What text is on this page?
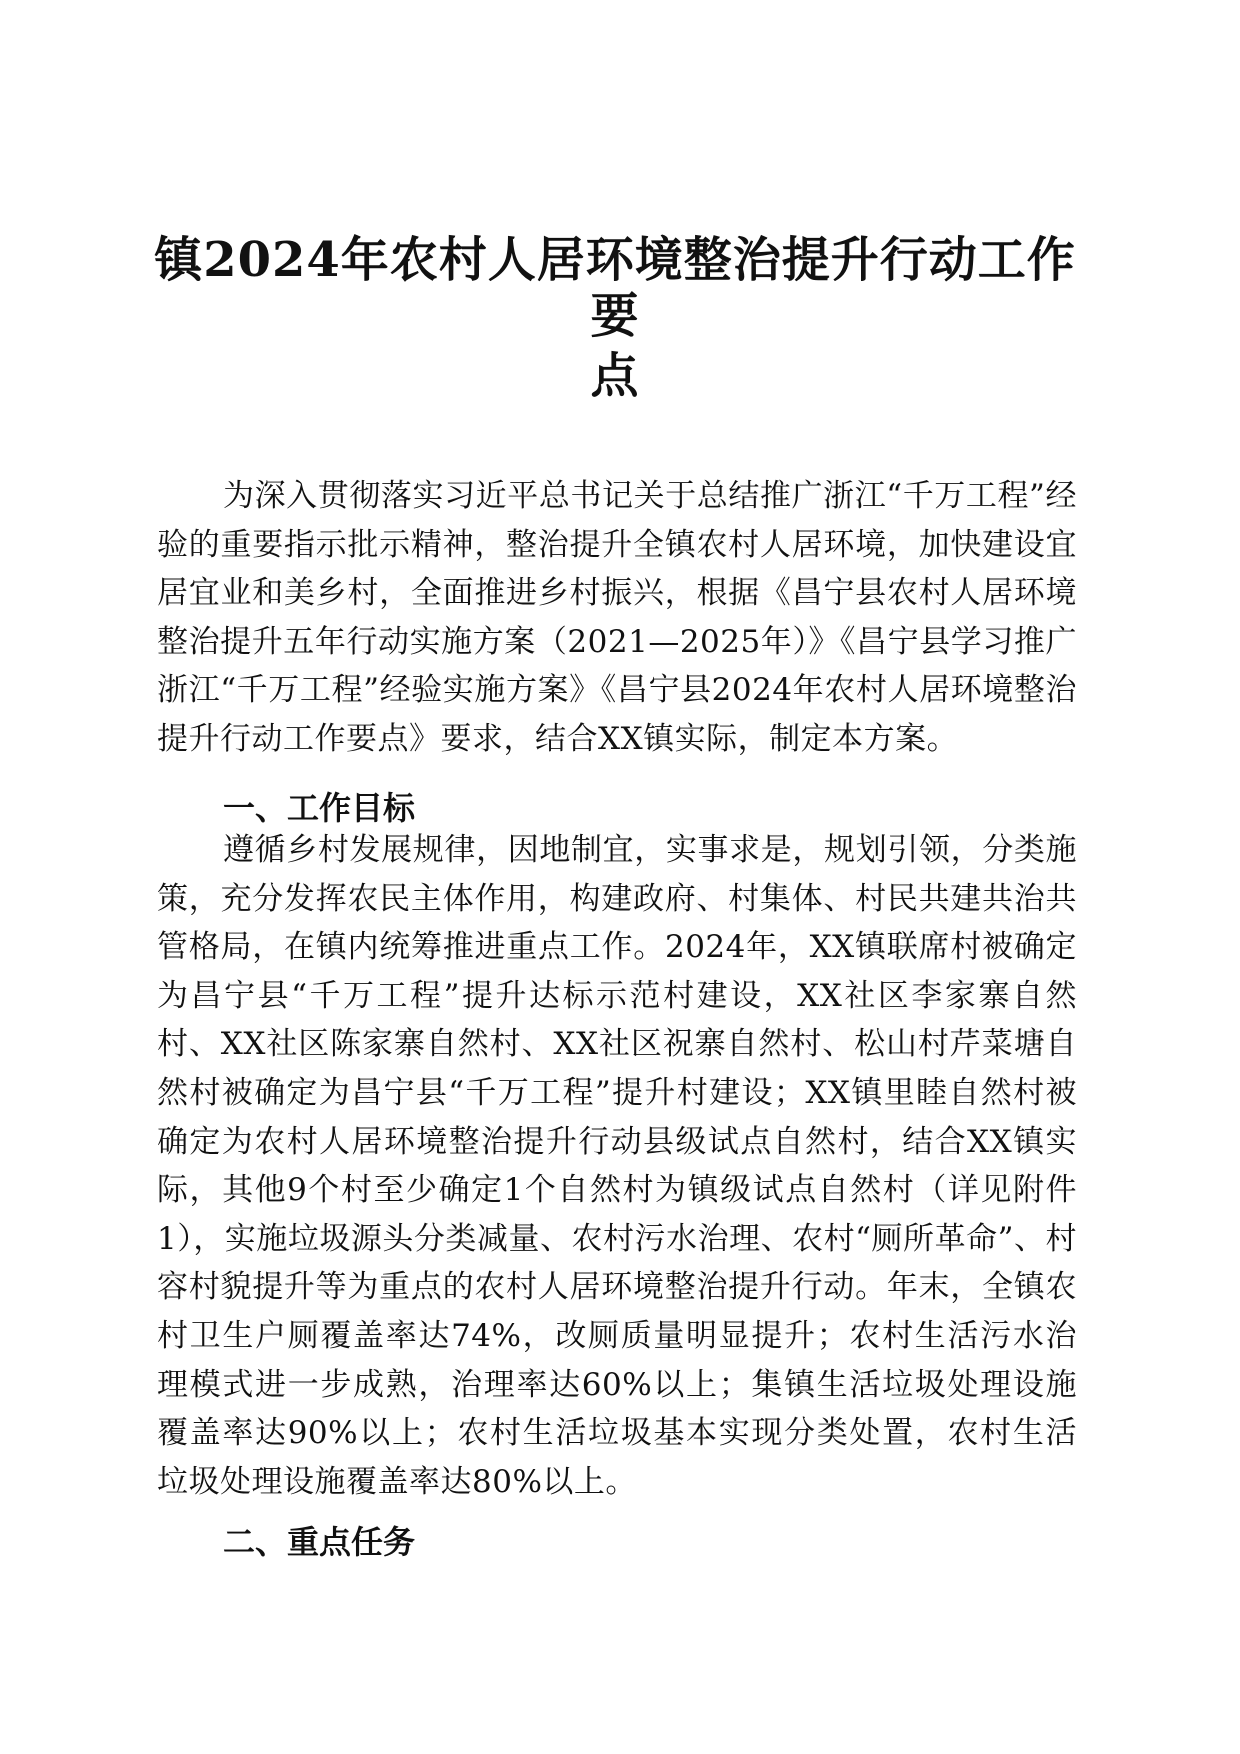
镇2024年农村人居环境整治提升行动工作要
点

为深入贯彻落实习近平总书记关于总结推广浙江“千万工程”经验的重要指示批示精神，整治提升全镇农村人居环境，加快建设宜居宜业和美乡村，全面推进乡村振兴，根据《昌宁县农村人居环境整治提升五年行动实施方案（2021—2025年）》《昌宁县学习推广浙江“千万工程”经验实施方案》《昌宁县2024年农村人居环境整治提升行动工作要点》要求，结合XX镇实际，制定本方案。

一、工作目标

遵循乡村发展规律，因地制宜，实事求是，规划引领，分类施策，充分发挥农民主体作用，构建政府、村集体、村民共建共治共管格局，在镇内统筹推进重点工作。2024年，XX镇联席村被确定为昌宁县“千万工程”提升达标示范村建设，XX社区李家寨自然村、XX社区陈家寨自然村、XX社区祝寨自然村、松山村芹菜塘自然村被确定为昌宁县“千万工程”提升村建设；XX镇里睦自然村被确定为农村人居环境整治提升行动县级试点自然村，结合XX镇实际，其他9个村至少确定1个自然村为镇级试点自然村（详见附件1），实施垃圾源头分类减量、农村污水治理、农村“厕所革命”、村容村貌提升等为重点的农村人居环境整治提升行动。年末，全镇农村卫生户厕覆盖率达74%，改厕质量明显提升；农村生活污水治理模式进一步成熟，治理率达60%以上；集镇生活垃圾处理设施覆盖率达90%以上；农村生活垃圾基本实现分类处置，农村生活垃圾处理设施覆盖率达80%以上。

二、重点任务
